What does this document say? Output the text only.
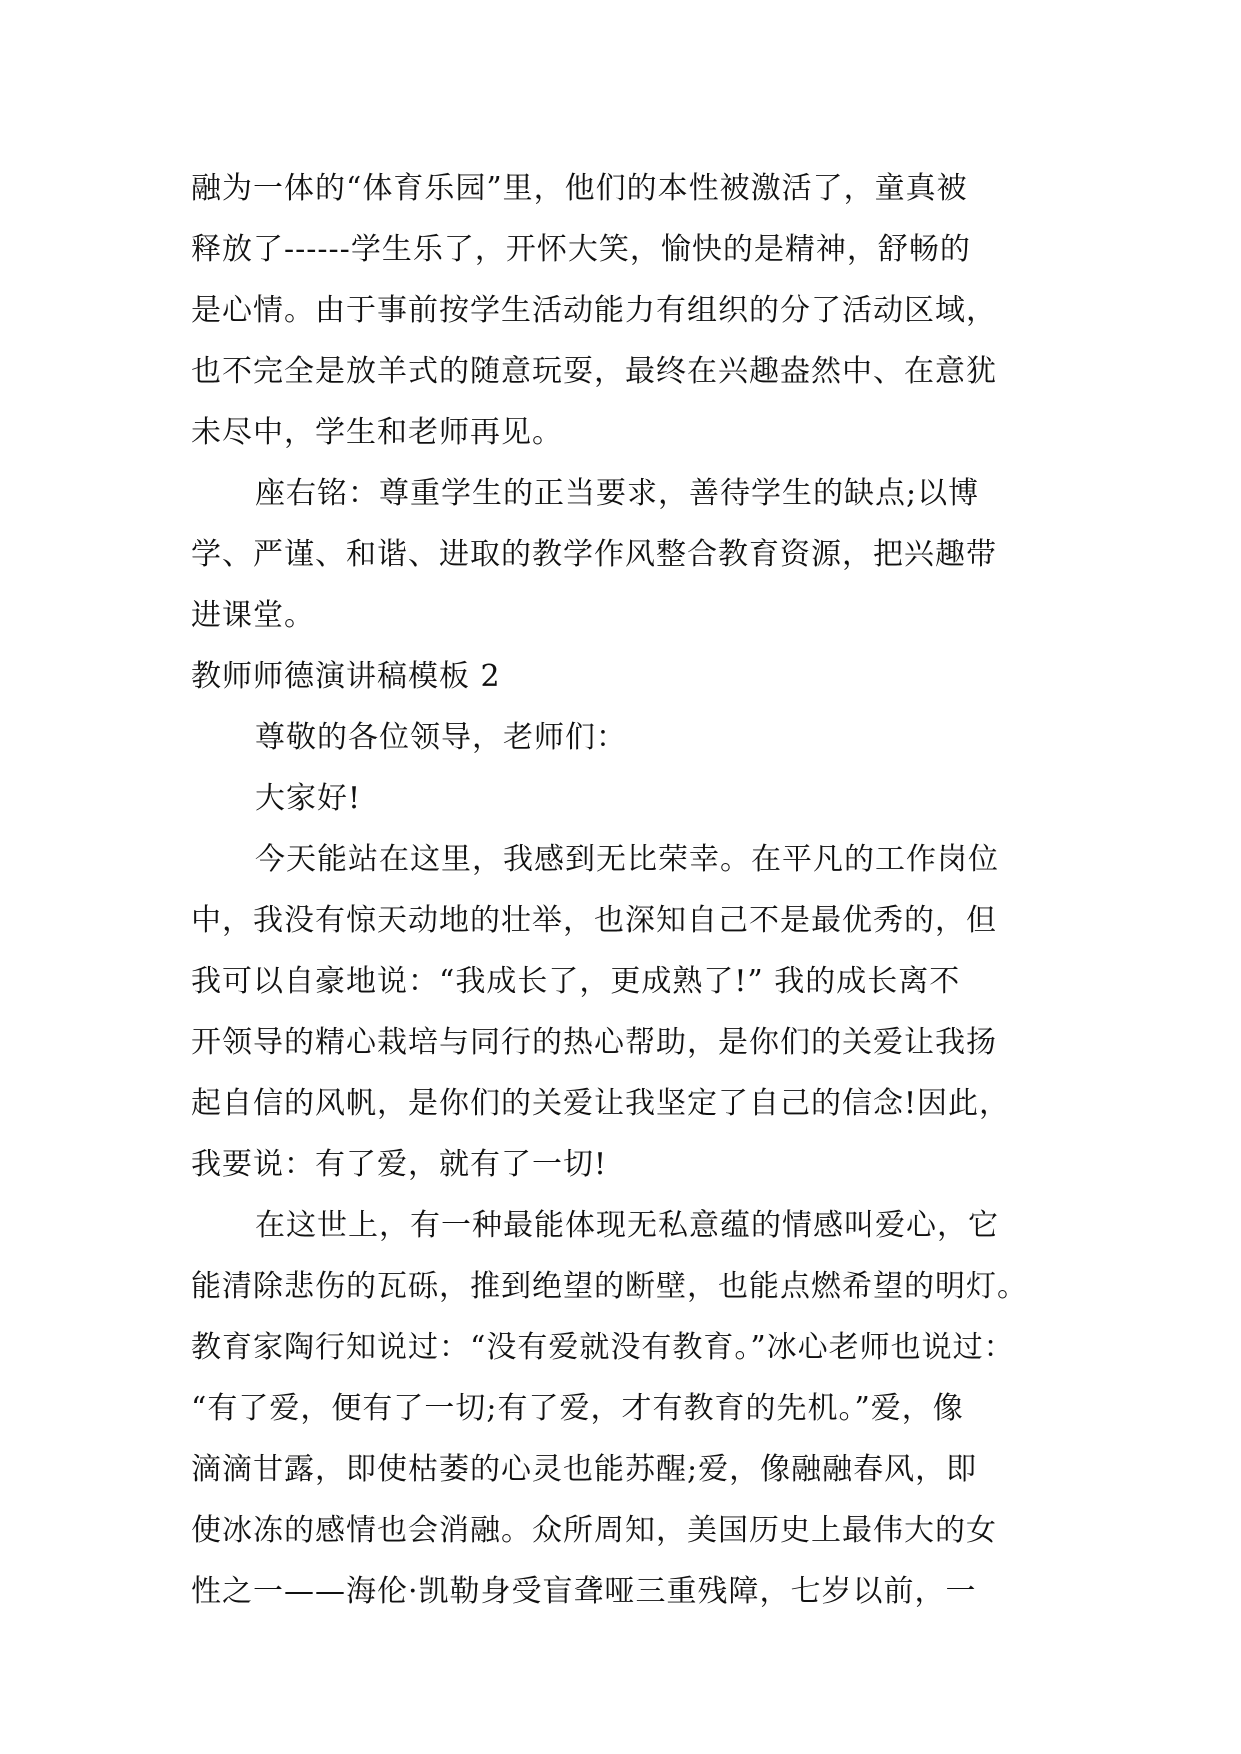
融为一体的“体育乐园”里，他们的本性被激活了，童真被
释放了------学生乐了，开怀大笑，愉快的是精神，舒畅的
是心情。由于事前按学生活动能力有组织的分了活动区域，
也不完全是放羊式的随意玩耍，最终在兴趣盎然中、在意犹
未尽中，学生和老师再见。
座右铭：尊重学生的正当要求，善待学生的缺点;以博
学、严谨、和谐、进取的教学作风整合教育资源，把兴趣带
进课堂。
教师师德演讲稿模板 2
尊敬的各位领导，老师们：
大家好!
今天能站在这里，我感到无比荣幸。在平凡的工作岗位
中，我没有惊天动地的壮举，也深知自己不是最优秀的，但
我可以自豪地说：“我成长了，更成熟了!” 我的成长离不
开领导的精心栽培与同行的热心帮助，是你们的关爱让我扬
起自信的风帆，是你们的关爱让我坚定了自己的信念!因此，
我要说：有了爱，就有了一切!
在这世上，有一种最能体现无私意蕴的情感叫爱心，它
能清除悲伤的瓦砾，推到绝望的断壁，也能点燃希望的明灯。
教育家陶行知说过：“没有爱就没有教育。”冰心老师也说过：
“有了爱，便有了一切;有了爱，才有教育的先机。”爱，像
滴滴甘露，即使枯萎的心灵也能苏醒;爱，像融融春风，即
使冰冻的感情也会消融。众所周知，美国历史上最伟大的女
性之一——海伦·凯勒身受盲聋哑三重残障，七岁以前，一
